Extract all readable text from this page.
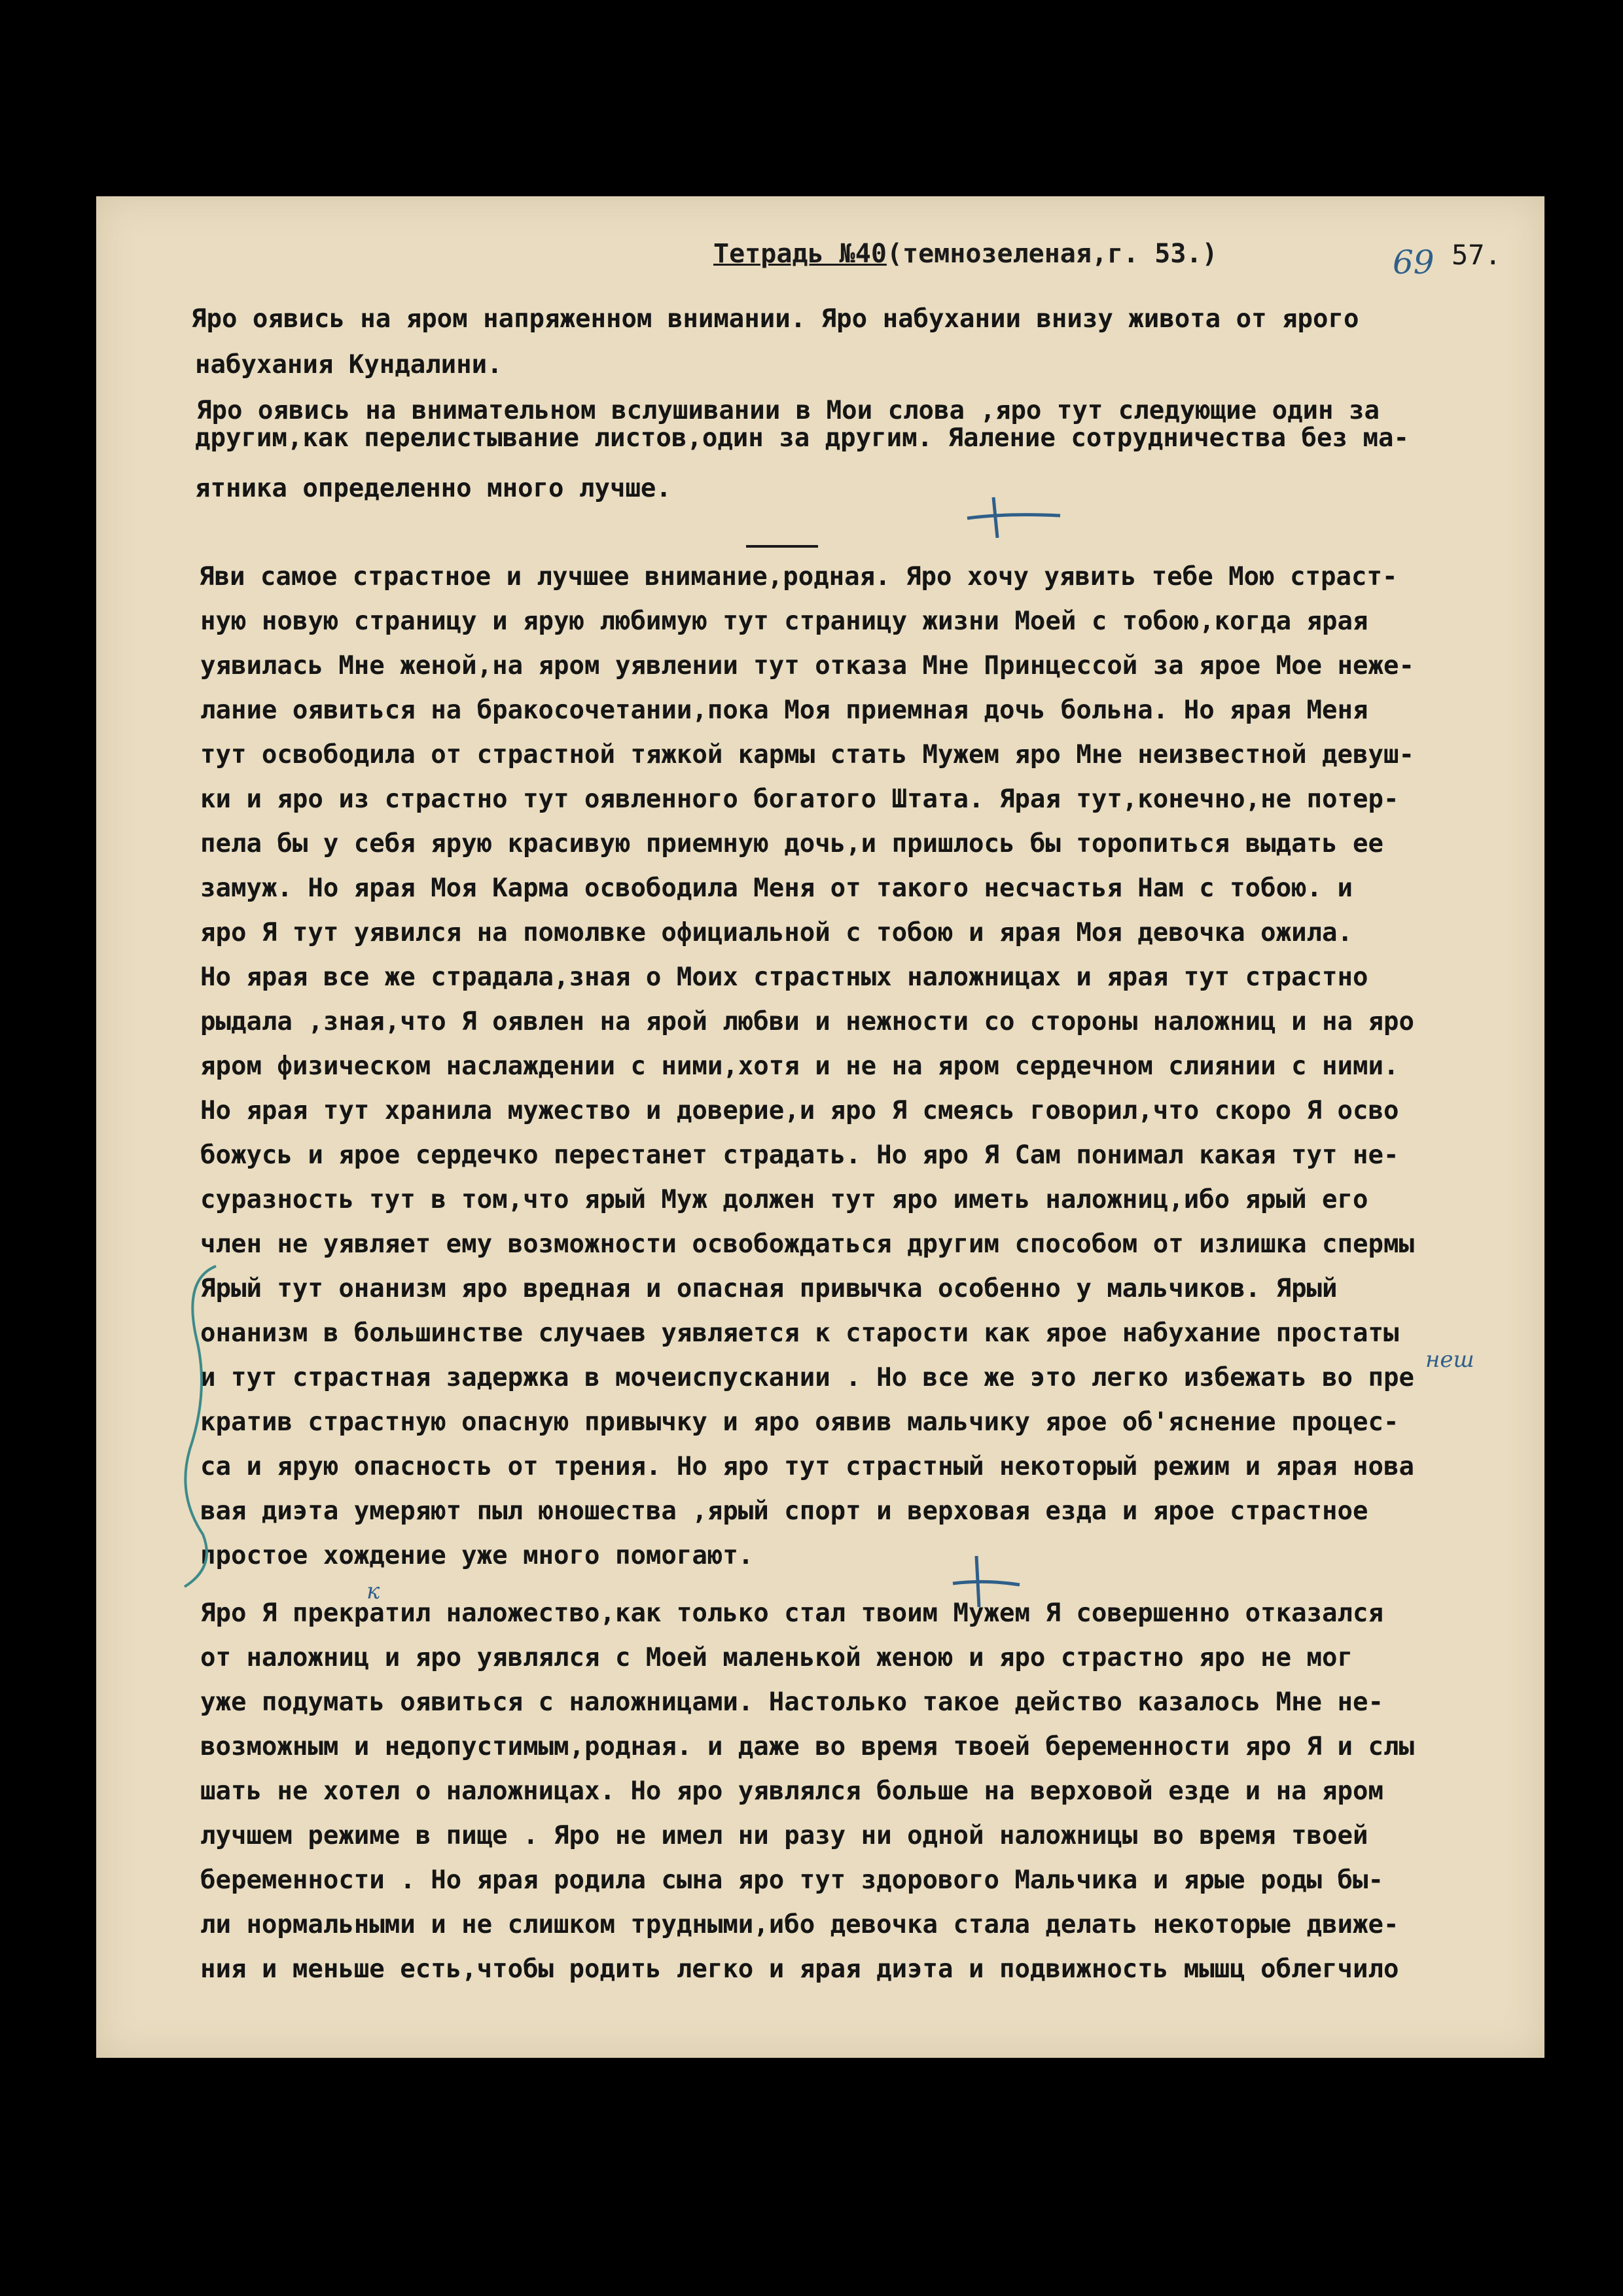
Тетрадь №40(темнозеленая,г. 53.)	69 57.
Яро оявись на яром напряженном внимании. Яро набухании внизу живота от ярого
набухания Кундалини.
Яро оявись на внимательном вслушивании в Мои слова ,яро тут следующие один за
другим,как перелистывание листов,один за другим. Яаление сотрудничества без ма-
ятника определенно много лучше.
Яви самое страстное и лучшее внимание,родная. Яро хочу уявить тебе Мою страст-
ную новую страницу и ярую любимую тут страницу жизни Моей с тобою,когда ярая
уявилась Мне женой,на яром уявлении тут отказа Мне Принцессой за ярое Мое неже-
лание оявиться на бракосочетании,пока Моя приемная дочь больна. Но ярая Меня
тут освободила от страстной тяжкой кармы стать Мужем яро Мне неизвестной девуш-
ки и яро из страстно тут оявленного богатого Штата. Ярая тут,конечно,не потер-
пела бы у себя ярую красивую приемную дочь,и пришлось бы торопиться выдать ее
замуж. Но ярая Моя Карма освободила Меня от такого несчастья Нам с тобою. и
яро Я тут уявился на помолвке официальной с тобою и ярая Моя девочка ожила.
Но ярая все же страдала,зная о Моих страстных наложницах и ярая тут страстно
рыдала ,зная,что Я оявлен на ярой любви и нежности со стороны наложниц и на яро
яром физическом наслаждении с ними,хотя и не на яром сердечном слиянии с ними.
Но ярая тут хранила мужество и доверие,и яро Я смеясь говорил,что скоро Я осво
божусь и ярое сердечко перестанет страдать. Но яро Я Сам понимал какая тут не-
суразность тут в том,что ярый Муж должен тут яро иметь наложниц,ибо ярый его
член не уявляет ему возможности освобождаться другим способом от излишка спермы
Ярый тут онанизм яро вредная и опасная привычка особенно у мальчиков. Ярый
онанизм в большинстве случаев уявляется к старости как ярое набухание простаты
и тут страстная задержка в мочеиспускании . Но все же это легко избежать во пре
кратив страстную опасную привычку и яро оявив мальчику ярое об'яснение процес-
са и ярую опасность от трения. Но яро тут страстный некоторый режим и ярая нова
вая диэта умеряют пыл юношества ,ярый спорт и верховая езда и ярое страстное
простое хождение уже много помогают.
Яро Я прекратил наложество,как только стал твоим Мужем Я совершенно отказался
от наложниц и яро уявлялся с Моей маленькой женою и яро страстно яро не мог
уже подумать оявиться с наложницами. Настолько такое действо казалось Мне не-
возможным и недопустимым,родная. и даже во время твоей беременности яро Я и слы
шать не хотел о наложницах. Но яро уявлялся больше на верховой езде и на яром
лучшем режиме в пище . Яро не имел ни разу ни одной наложницы во время твоей
беременности . Но ярая родила сына яро тут здорового Мальчика и ярые роды бы-
ли нормальными и не слишком трудными,ибо девочка стала делать некоторые движе-
ния и меньше есть,чтобы родить легко и ярая диэта и подвижность мышц облегчило
неш
к
